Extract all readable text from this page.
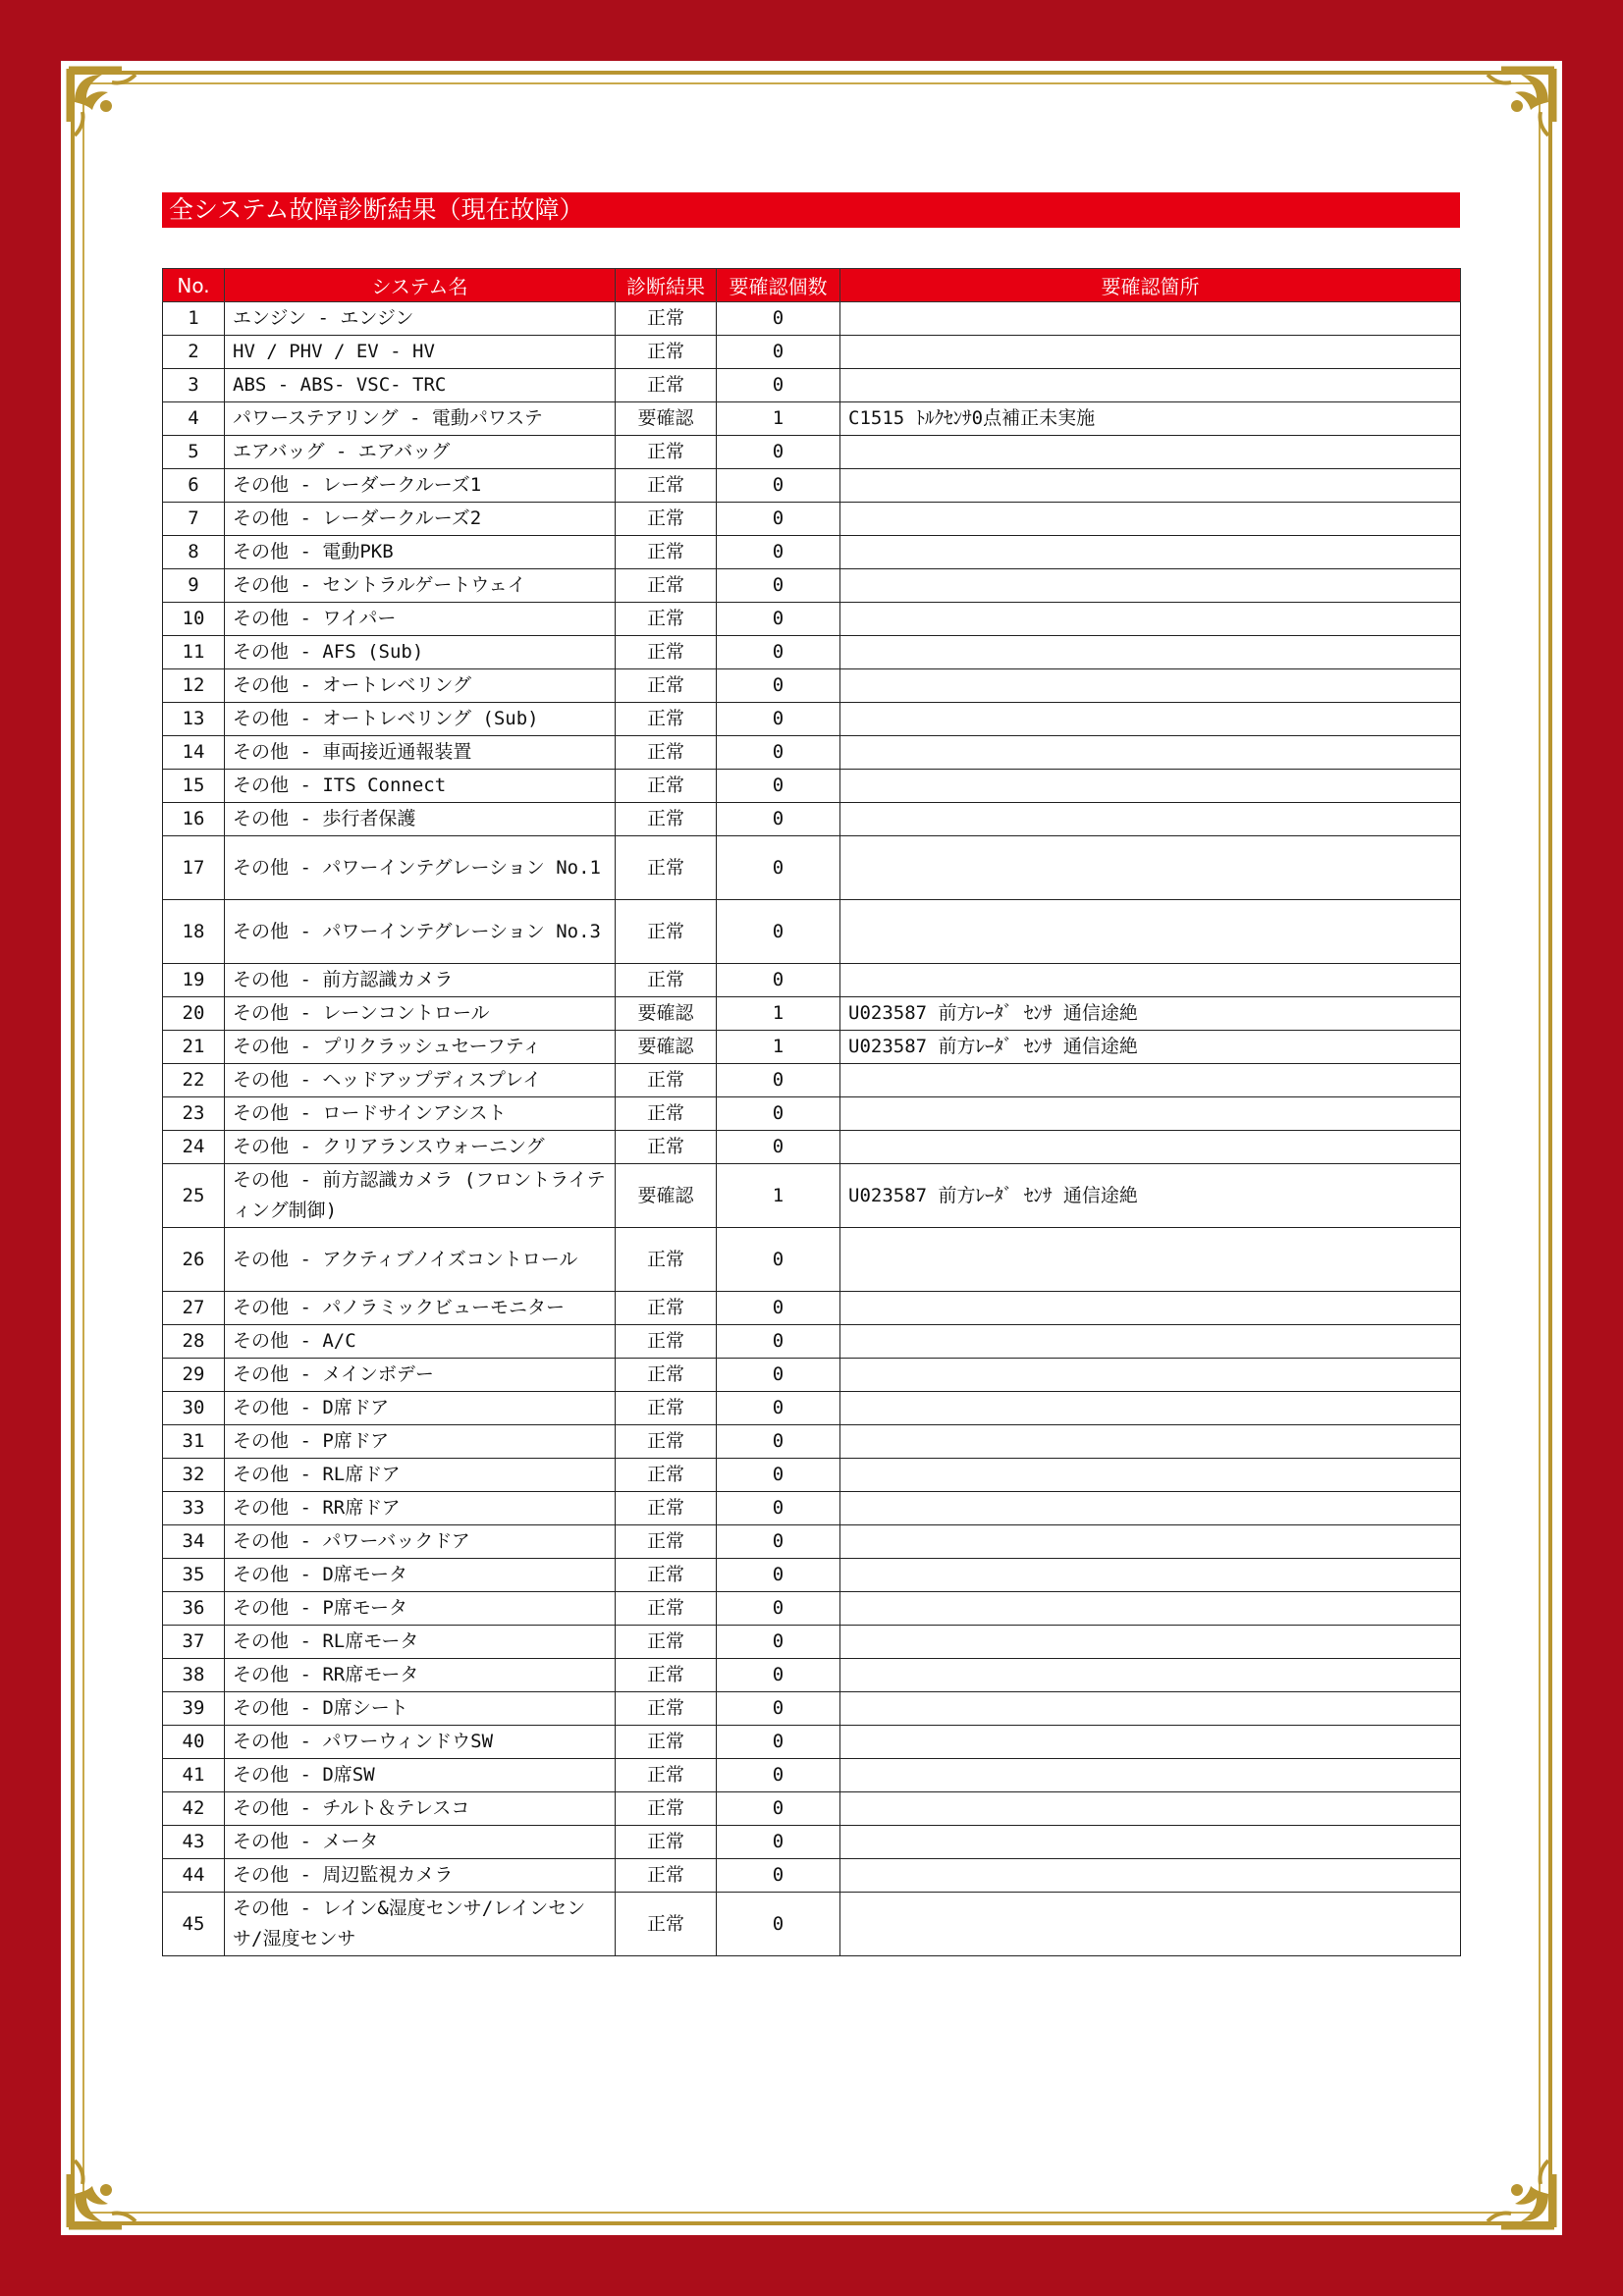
全システム故障診断結果（現在故障）
No.	システム名	診断結果	要確認個数	要確認箇所
1	エンジン - エンジン	正常	0	
2	HV / PHV / EV - HV	正常	0	
3	ABS - ABS- VSC- TRC	正常	0	
4	パワーステアリング - 電動パワステ	要確認	1	C1515 ﾄﾙｸｾﾝｻ0点補正未実施
5	エアバッグ - エアバッグ	正常	0	
6	その他 - レーダークルーズ1	正常	0	
7	その他 - レーダークルーズ2	正常	0	
8	その他 - 電動PKB	正常	0	
9	その他 - セントラルゲートウェイ	正常	0	
10	その他 - ワイパー	正常	0	
11	その他 - AFS (Sub)	正常	0	
12	その他 - オートレベリング	正常	0	
13	その他 - オートレベリング (Sub)	正常	0	
14	その他 - 車両接近通報装置	正常	0	
15	その他 - ITS Connect	正常	0	
16	その他 - 歩行者保護	正常	0	
17	その他 - パワーインテグレーション No.1	正常	0	
18	その他 - パワーインテグレーション No.3	正常	0	
19	その他 - 前方認識カメラ	正常	0	
20	その他 - レーンコントロール	要確認	1	U023587 前方ﾚｰﾀﾞ ｾﾝｻ 通信途絶
21	その他 - プリクラッシュセーフティ	要確認	1	U023587 前方ﾚｰﾀﾞ ｾﾝｻ 通信途絶
22	その他 - ヘッドアップディスプレイ	正常	0	
23	その他 - ロードサインアシスト	正常	0	
24	その他 - クリアランスウォーニング	正常	0	
25	その他 - 前方認識カメラ (フロントライティング制御)	要確認	1	U023587 前方ﾚｰﾀﾞ ｾﾝｻ 通信途絶
26	その他 - アクティブノイズコントロール	正常	0	
27	その他 - パノラミックビューモニター	正常	0	
28	その他 - A/C	正常	0	
29	その他 - メインボデー	正常	0	
30	その他 - D席ドア	正常	0	
31	その他 - P席ドア	正常	0	
32	その他 - RL席ドア	正常	0	
33	その他 - RR席ドア	正常	0	
34	その他 - パワーバックドア	正常	0	
35	その他 - D席モータ	正常	0	
36	その他 - P席モータ	正常	0	
37	その他 - RL席モータ	正常	0	
38	その他 - RR席モータ	正常	0	
39	その他 - D席シート	正常	0	
40	その他 - パワーウィンドウSW	正常	0	
41	その他 - D席SW	正常	0	
42	その他 - チルト＆テレスコ	正常	0	
43	その他 - メータ	正常	0	
44	その他 - 周辺監視カメラ	正常	0	
45	その他 - レイン&湿度センサ/レインセンサ/湿度センサ	正常	0	
